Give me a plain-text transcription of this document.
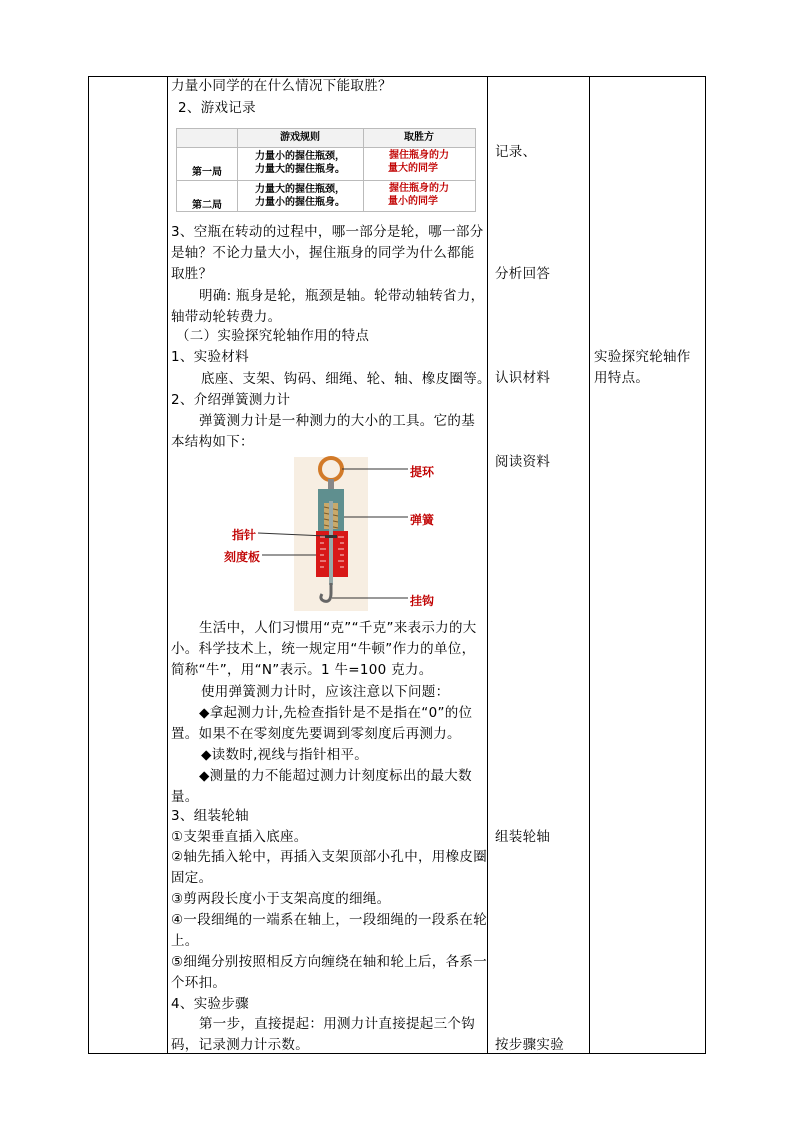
力量小同学的在什么情况下能取胜？
2、游戏记录
游戏规则	取胜方
第一局
力量小的握住瓶颈，
力量大的握住瓶身。
握住瓶身的力
量大的同学
第二局
力量大的握住瓶颈，
力量小的握住瓶身。
握住瓶身的力
量小的同学
3、空瓶在转动的过程中，哪一部分是轮，哪一部分是轴？不论力量大小，握住瓶身的同学为什么都能取胜？
明确: 瓶身是轮，瓶颈是轴。轮带动轴转省力，轴带动轮转费力。
（二）实验探究轮轴作用的特点
1、实验材料
底座、支架、钩码、细绳、轮、轴、橡皮圈等。
2、介绍弹簧测力计
弹簧测力计是一种测力的大小的工具。它的基本结构如下：
提环
弹簧
指针
刻度板
挂钩
生活中，人们习惯用“克”“千克”来表示力的大小。科学技术上，统一规定用“牛顿”作力的单位，简称“牛”，用“N”表示。1 牛=100 克力。
使用弹簧测力计时，应该注意以下问题：
◆拿起测力计,先检查指针是不是指在“0”的位置。如果不在零刻度先要调到零刻度后再测力。
◆读数时,视线与指针相平。
◆测量的力不能超过测力计刻度标出的最大数量。
3、组装轮轴
①支架垂直插入底座。
②轴先插入轮中，再插入支架顶部小孔中，用橡皮圈固定。
③剪两段长度小于支架高度的细绳。
④一段细绳的一端系在轴上，一段细绳的一段系在轮上。
⑤细绳分别按照相反方向缠绕在轴和轮上后，各系一个环扣。
4、实验步骤
第一步，直接提起：用测力计直接提起三个钩码，记录测力计示数。
记录、
分析回答
认识材料
阅读资料
组装轮轴
按步骤实验
实验探究轮轴作用特点。
